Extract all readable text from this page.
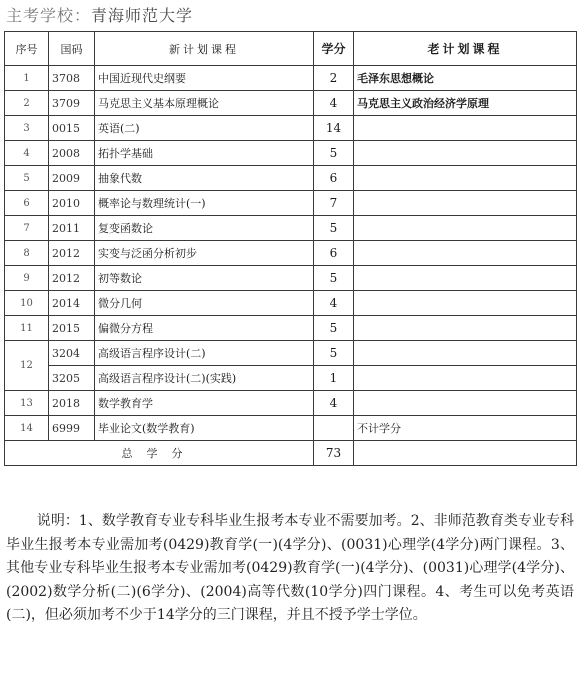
主考学校：青海师范大学
序号	国码	新计划课程	学分	老计划课程
1	3708	中国近现代史纲要	2	毛泽东思想概论
2	3709	马克思主义基本原理概论	4	马克思主义政治经济学原理
3	0015	英语(二)	14	
4	2008	拓扑学基础	5	
5	2009	抽象代数	6	
6	2010	概率论与数理统计(一)	7	
7	2011	复变函数论	5	
8	2012	实变与泛函分析初步	6	
9	2012	初等数论	5	
10	2014	微分几何	4	
11	2015	偏微分方程	5	
12	3204	高级语言程序设计(二)	5	
	3205	高级语言程序设计(二)(实践)	1	
13	2018	数学教育学	4	
14	6999	毕业论文(数学教育)		不计学分
总学分			73	

说明：1、数学教育专业专科毕业生报考本专业不需要加考。2、非师范教育类专业专科毕业生报考本专业需加考(0429)教育学(一)(4学分)、(0031)心理学(4学分)两门课程。3、其他专业专科毕业生报考本专业需加考(0429)教育学(一)(4学分)、(0031)心理学(4学分)、(2002)数学分析(二)(6学分)、(2004)高等代数(10学分)四门课程。4、考生可以免考英语(二)，但必须加考不少于14学分的三门课程，并且不授予学士学位。
